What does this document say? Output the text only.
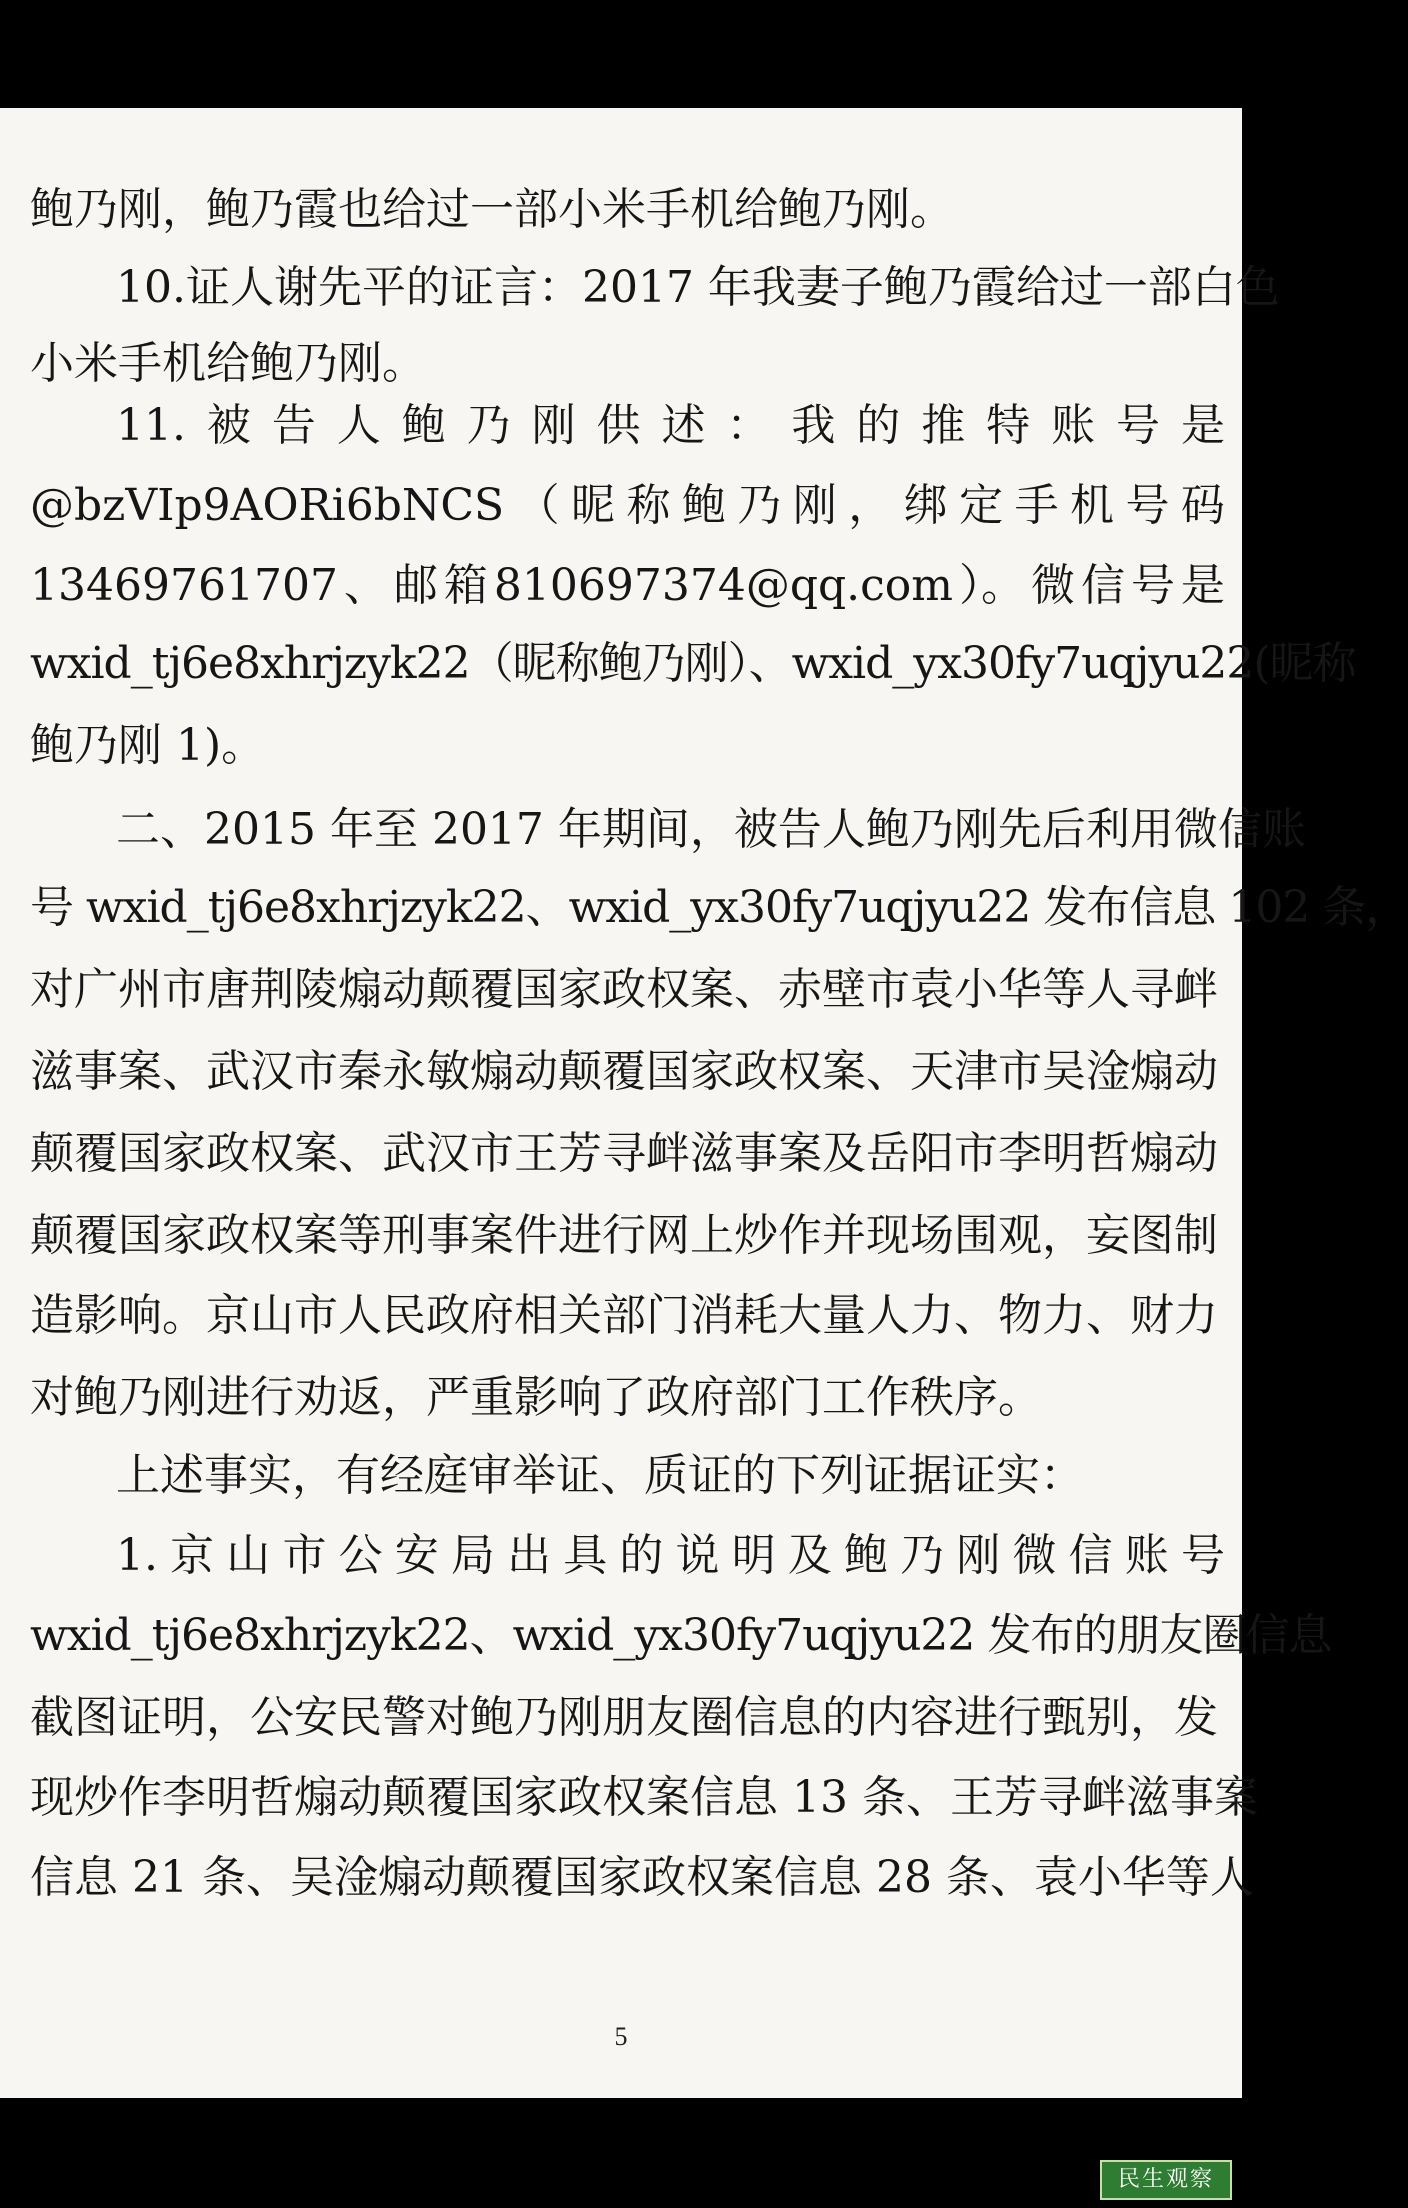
鲍乃刚，鲍乃霞也给过一部小米手机给鲍乃刚。
10.证人谢先平的证言：2017 年我妻子鲍乃霞给过一部白色
小米手机给鲍乃刚。
11. 被 告 人 鲍 乃 刚 供 述 ： 我 的 推 特 账 号 是
@bzVIp9AORi6bNCS （ 昵 称 鲍 乃 刚 ， 绑 定 手 机 号 码
13469761707 、 邮 箱 810697374@qq.com ）。 微 信 号 是
wxid_tj6e8xhrjzyk22（昵称鲍乃刚）、wxid_yx30fy7uqjyu22(昵称
鲍乃刚 1)。
二、2015 年至 2017 年期间，被告人鲍乃刚先后利用微信账
号 wxid_tj6e8xhrjzyk22、wxid_yx30fy7uqjyu22 发布信息 102 条，
对广州市唐荆陵煽动颠覆国家政权案、赤壁市袁小华等人寻衅
滋事案、武汉市秦永敏煽动颠覆国家政权案、天津市吴淦煽动
颠覆国家政权案、武汉市王芳寻衅滋事案及岳阳市李明哲煽动
颠覆国家政权案等刑事案件进行网上炒作并现场围观，妄图制
造影响。京山市人民政府相关部门消耗大量人力、物力、财力
对鲍乃刚进行劝返，严重影响了政府部门工作秩序。
上述事实，有经庭审举证、质证的下列证据证实：
1. 京 山 市 公 安 局 出 具 的 说 明 及 鲍 乃 刚 微 信 账 号
wxid_tj6e8xhrjzyk22、wxid_yx30fy7uqjyu22 发布的朋友圈信息
截图证明，公安民警对鲍乃刚朋友圈信息的内容进行甄别，发
现炒作李明哲煽动颠覆国家政权案信息 13 条、王芳寻衅滋事案
信息 21 条、吴淦煽动颠覆国家政权案信息 28 条、袁小华等人
5
民生观察
